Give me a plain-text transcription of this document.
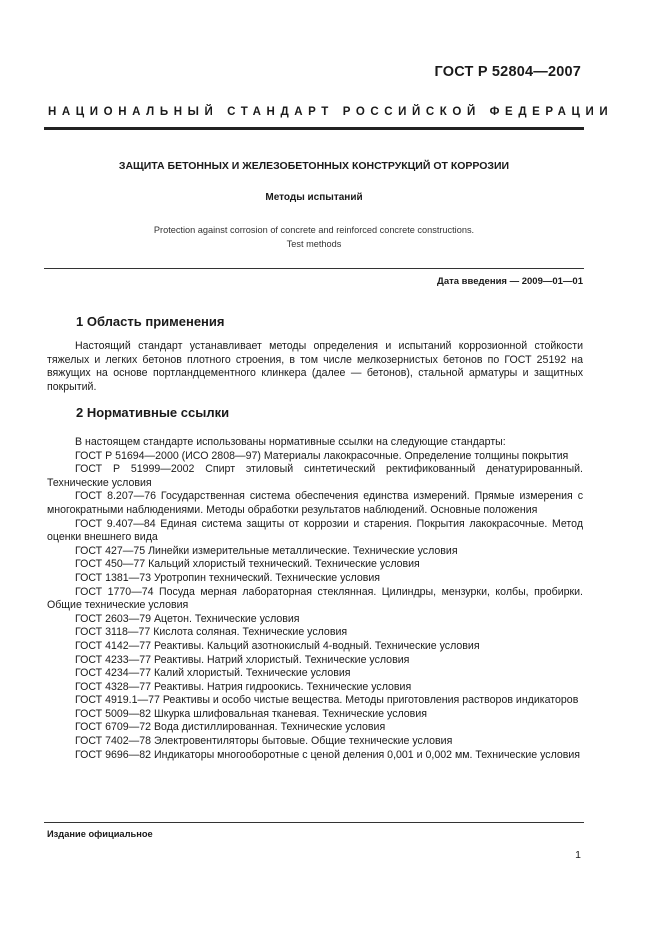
ГОСТ Р 52804—2007
НАЦИОНАЛЬНЫЙ СТАНДАРТ РОССИЙСКОЙ ФЕДЕРАЦИИ
ЗАЩИТА БЕТОННЫХ И ЖЕЛЕЗОБЕТОННЫХ КОНСТРУКЦИЙ ОТ КОРРОЗИИ
Методы испытаний
Protection against corrosion of concrete and reinforced concrete constructions.
Test methods
Дата введения — 2009—01—01
1 Область применения
Настоящий стандарт устанавливает методы определения и испытаний коррозионной стойкости тяжелых и легких бетонов плотного строения, в том числе мелкозернистых бетонов по ГОСТ 25192 на вяжущих на основе портландцементного клинкера (далее — бетонов), стальной арматуры и защитных покрытий.
2 Нормативные ссылки
В настоящем стандарте использованы нормативные ссылки на следующие стандарты:
ГОСТ Р 51694—2000 (ИСО 2808—97) Материалы лакокрасочные. Определение толщины покрытия
ГОСТ Р 51999—2002 Спирт этиловый синтетический ректификованный денатурированный. Технические условия
ГОСТ 8.207—76 Государственная система обеспечения единства измерений. Прямые измерения с многократными наблюдениями. Методы обработки результатов наблюдений. Основные положения
ГОСТ 9.407—84 Единая система защиты от коррозии и старения. Покрытия лакокрасочные. Метод оценки внешнего вида
ГОСТ 427—75 Линейки измерительные металлические. Технические условия
ГОСТ 450—77 Кальций хлористый технический. Технические условия
ГОСТ 1381—73 Уротропин технический. Технические условия
ГОСТ 1770—74 Посуда мерная лабораторная стеклянная. Цилиндры, мензурки, колбы, пробирки. Общие технические условия
ГОСТ 2603—79 Ацетон. Технические условия
ГОСТ 3118—77 Кислота соляная. Технические условия
ГОСТ 4142—77 Реактивы. Кальций азотнокислый 4-водный. Технические условия
ГОСТ 4233—77 Реактивы. Натрий хлористый. Технические условия
ГОСТ 4234—77 Калий хлористый. Технические условия
ГОСТ 4328—77 Реактивы. Натрия гидроокись. Технические условия
ГОСТ 4919.1—77 Реактивы и особо чистые вещества. Методы приготовления растворов индикаторов
ГОСТ 5009—82 Шкурка шлифовальная тканевая. Технические условия
ГОСТ 6709—72 Вода дистиллированная. Технические условия
ГОСТ 7402—78 Электровентиляторы бытовые. Общие технические условия
ГОСТ 9696—82 Индикаторы многооборотные с ценой деления 0,001 и 0,002 мм. Технические условия
Издание официальное
1
